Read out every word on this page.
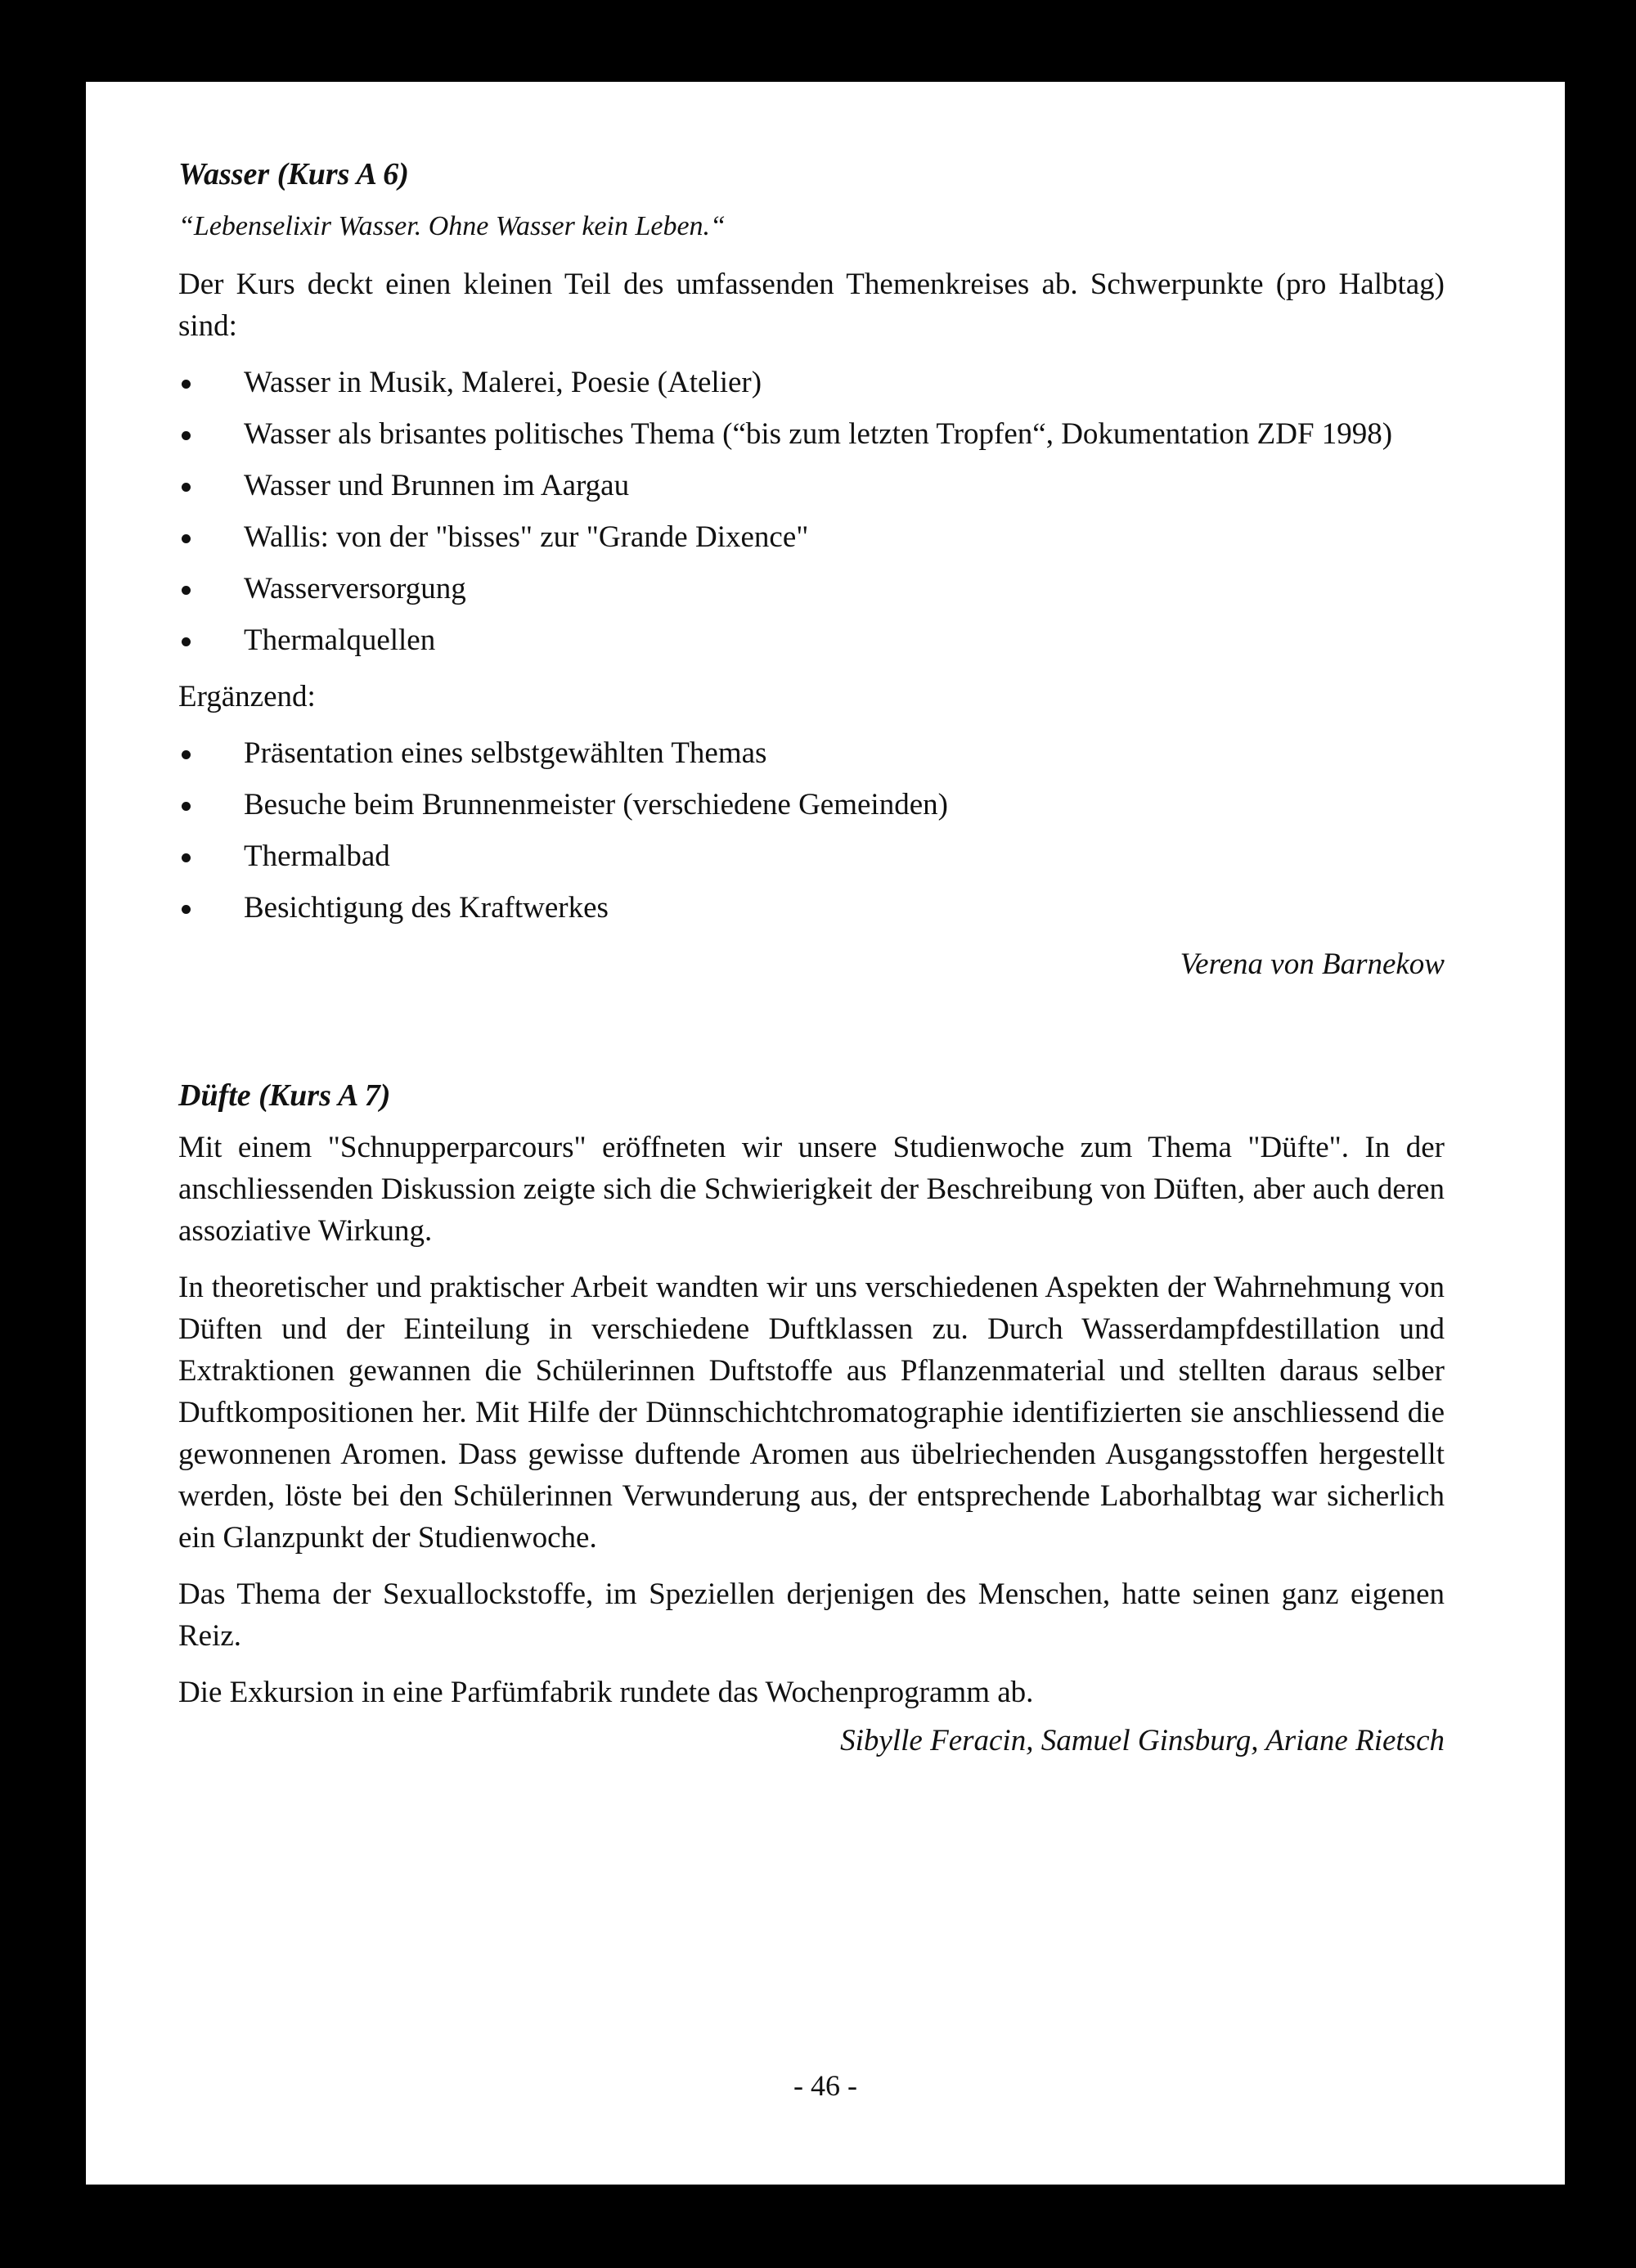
Wasser (Kurs A 6)

“Lebenselixir Wasser. Ohne Wasser kein Leben.“

Der Kurs deckt einen kleinen Teil des umfassenden Themenkreises ab. Schwerpunkte (pro Halbtag) sind:

Wasser in Musik, Malerei, Poesie (Atelier)
Wasser als brisantes politisches Thema (“bis zum letzten Tropfen“, Dokumentation ZDF 1998)
Wasser und Brunnen im Aargau
Wallis: von der "bisses" zur "Grande Dixence"
Wasserversorgung
Thermalquellen

Ergänzend:

Präsentation eines selbstgewählten Themas
Besuche beim Brunnenmeister (verschiedene Gemeinden)
Thermalbad
Besichtigung des Kraftwerkes

Verena von Barnekow

Düfte (Kurs A 7)

Mit einem "Schnupperparcours" eröffneten wir unsere Studienwoche zum Thema "Düfte". In der anschliessenden Diskussion zeigte sich die Schwierigkeit der Beschreibung von Düften, aber auch deren assoziative Wirkung.

In theoretischer und praktischer Arbeit wandten wir uns verschiedenen Aspekten der Wahrnehmung von Düften und der Einteilung in verschiedene Duftklassen zu. Durch Wasserdampfdestillation und Extraktionen gewannen die Schülerinnen Duftstoffe aus Pflanzenmaterial und stellten daraus selber Duftkompositionen her. Mit Hilfe der Dünnschichtchromatographie identifizierten sie anschliessend die gewonnenen Aromen. Dass gewisse duftende Aromen aus übelriechenden Ausgangsstoffen hergestellt werden, löste bei den Schülerinnen Verwunderung aus, der entsprechende Laborhalbtag war sicherlich ein Glanzpunkt der Studienwoche.

Das Thema der Sexuallockstoffe, im Speziellen derjenigen des Menschen, hatte seinen ganz eigenen Reiz.

Die Exkursion in eine Parfümfabrik rundete das Wochenprogramm ab.

Sibylle Feracin, Samuel Ginsburg, Ariane Rietsch

- 46 -
